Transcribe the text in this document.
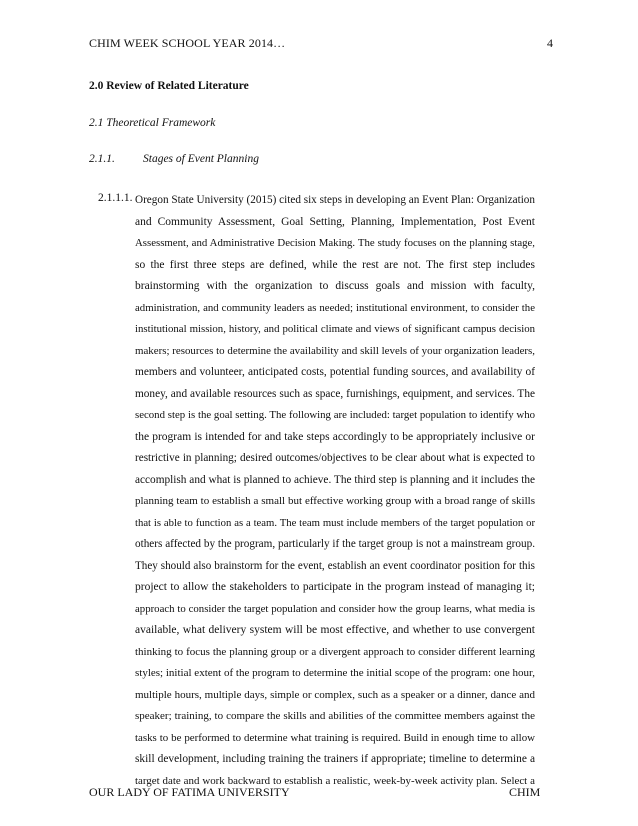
CHIM WEEK SCHOOL YEAR 2014…	4
2.0 Review of Related Literature
2.1 Theoretical Framework
2.1.1. Stages of Event Planning
2.1.1.1. Oregon State University (2015) cited six steps in developing an Event Plan: Organization
and Community Assessment, Goal Setting, Planning, Implementation, Post Event
Assessment, and Administrative Decision Making. The study focuses on the planning stage,
so the first three steps are defined, while the rest are not. The first step includes
brainstorming with the organization to discuss goals and mission with faculty,
administration, and community leaders as needed; institutional environment, to consider the
institutional mission, history, and political climate and views of significant campus decision
makers; resources to determine the availability and skill levels of your organization leaders,
members and volunteer, anticipated costs, potential funding sources, and availability of
money, and available resources such as space, furnishings, equipment, and services. The
second step is the goal setting. The following are included: target population to identify who
the program is intended for and take steps accordingly to be appropriately inclusive or
restrictive in planning; desired outcomes/objectives to be clear about what is expected to
accomplish and what is planned to achieve. The third step is planning and it includes the
planning team to establish a small but effective working group with a broad range of skills
that is able to function as a team. The team must include members of the target population or
others affected by the program, particularly if the target group is not a mainstream group.
They should also brainstorm for the event, establish an event coordinator position for this
project to allow the stakeholders to participate in the program instead of managing it;
approach to consider the target population and consider how the group learns, what media is
available, what delivery system will be most effective, and whether to use convergent
thinking to focus the planning group or a divergent approach to consider different learning
styles; initial extent of the program to determine the initial scope of the program: one hour,
multiple hours, multiple days, simple or complex, such as a speaker or a dinner, dance and
speaker; training, to compare the skills and abilities of the committee members against the
tasks to be performed to determine what training is required. Build in enough time to allow
skill development, including training the trainers if appropriate; timeline to determine a
target date and work backward to establish a realistic, week-by-week activity plan. Select a
OUR LADY OF FATIMA UNIVERSITY	CHIM
